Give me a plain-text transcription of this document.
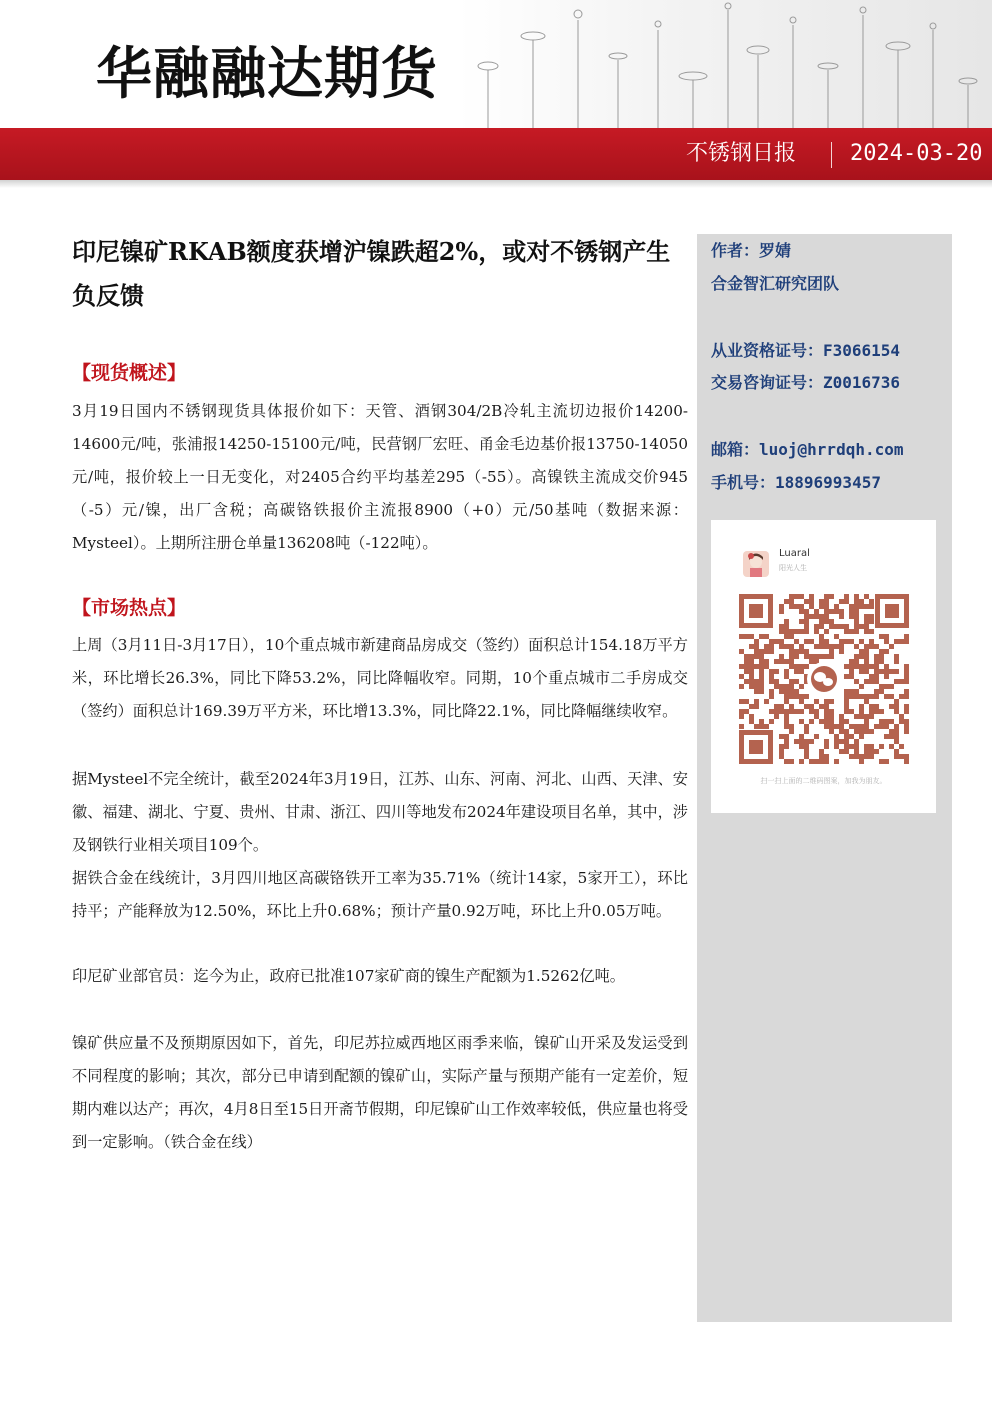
华融融达期货
不锈钢日报 2024-03-20
印尼镍矿RKAB额度获增沪镍跌超2%，或对不锈钢产生负反馈
【现货概述】

3月19日国内不锈钢现货具体报价如下：天管、酒钢304/2B冷轧主流切边报价14200-14600元/吨，张浦报14250-15100元/吨，民营钢厂宏旺、甬金毛边基价报13750-14050元/吨，报价较上一日无变化，对2405合约平均基差295（-55）。高镍铁主流成交价945（-5）元/镍，出厂含税；高碳铬铁报价主流报8900（+0）元/50基吨（数据来源：Mysteel）。上期所注册仓单量136208吨（-122吨）。

【市场热点】

上周（3月11日-3月17日），10个重点城市新建商品房成交（签约）面积总计154.18万平方米，环比增长26.3%，同比下降53.2%，同比降幅收窄。同期，10个重点城市二手房成交（签约）面积总计169.39万平方米，环比增13.3%，同比降22.1%，同比降幅继续收窄。

据Mysteel不完全统计，截至2024年3月19日，江苏、山东、河南、河北、山西、天津、安徽、福建、湖北、宁夏、贵州、甘肃、浙江、四川等地发布2024年建设项目名单，其中，涉及钢铁行业相关项目109个。

据铁合金在线统计，3月四川地区高碳铬铁开工率为35.71%（统计14家，5家开工），环比持平；产能释放为12.50%，环比上升0.68%；预计产量0.92万吨，环比上升0.05万吨。

印尼矿业部官员：迄今为止，政府已批准107家矿商的镍生产配额为1.5262亿吨。

镍矿供应量不及预期原因如下，首先，印尼苏拉威西地区雨季来临，镍矿山开采及发运受到不同程度的影响；其次，部分已申请到配额的镍矿山，实际产量与预期产能有一定差价，短期内难以达产；再次，4月8日至15日开斋节假期，印尼镍矿山工作效率较低，供应量也将受到一定影响。（铁合金在线）

作者：罗婧
合金智汇研究团队
从业资格证号：F3066154
交易咨询证号：Z0016736
邮箱：luoj@hrrdqh.com
手机号：18896993457
Luaral
阳光人生
扫一扫上面的二维码图案，加我为朋友。
